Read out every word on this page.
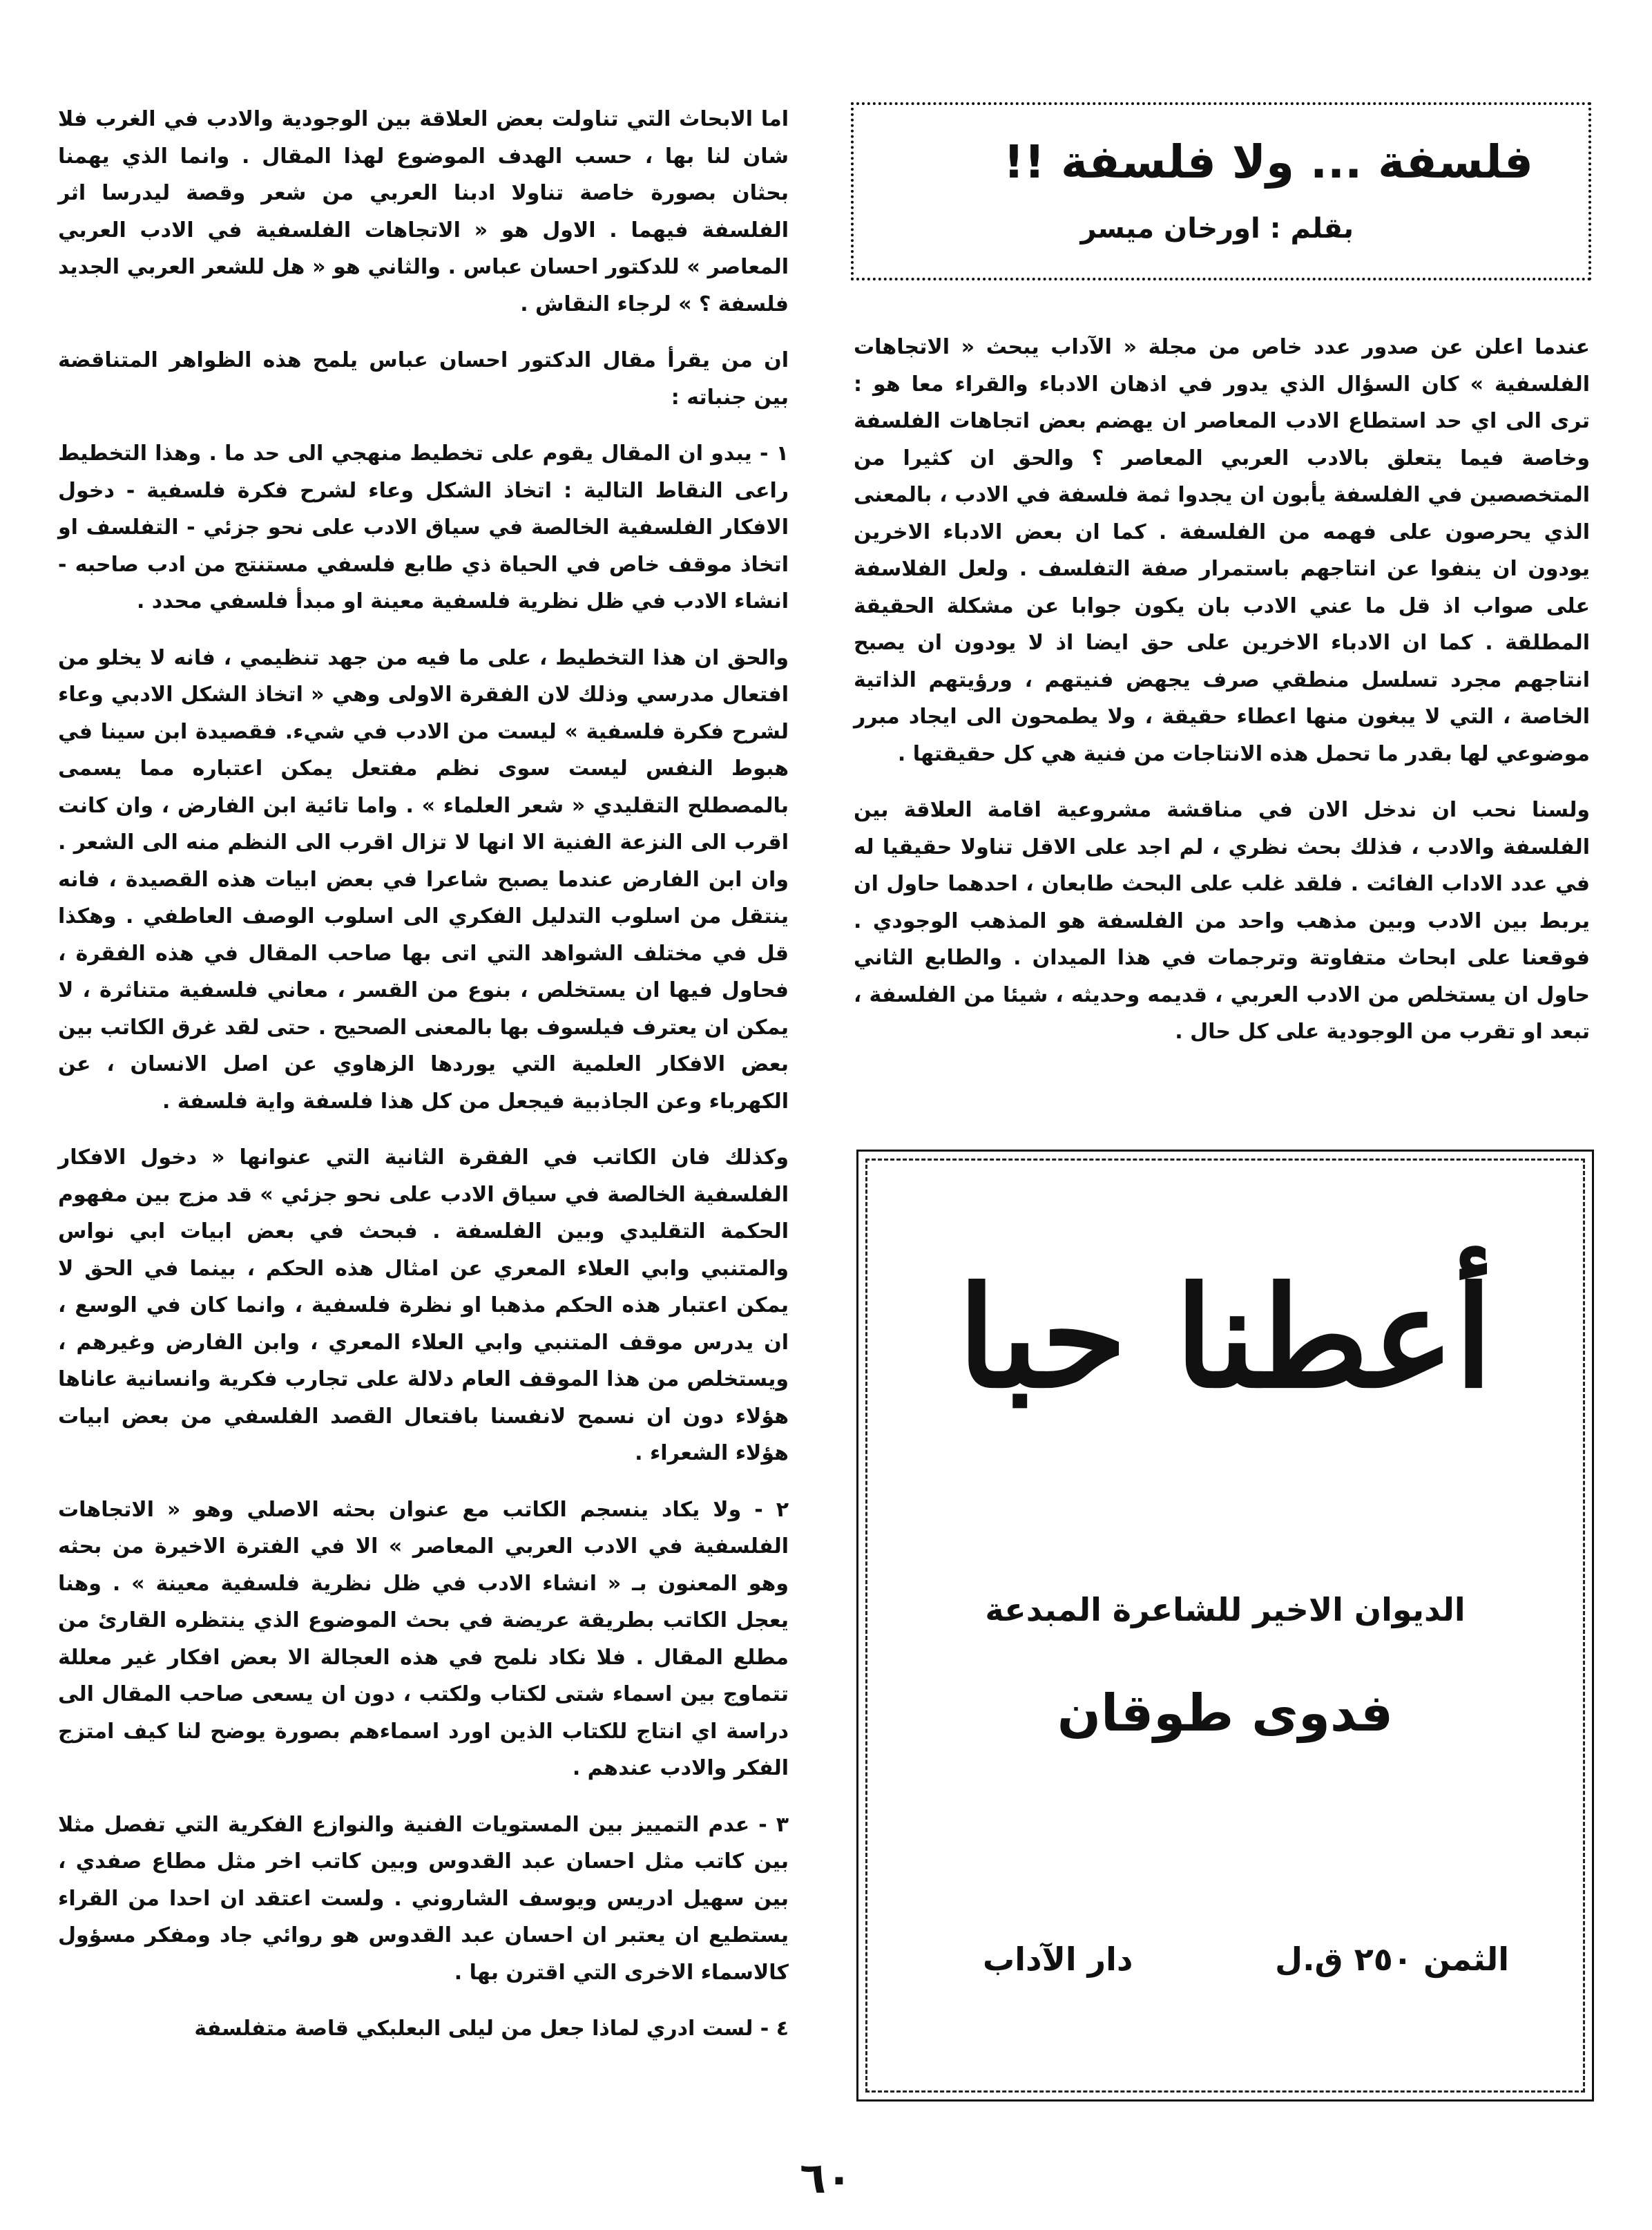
فلسفة ... ولا فلسفة !!
بقلم : اورخان ميسر

عندما اعلن عن صدور عدد خاص من مجلة « الآداب يبحث « الاتجاهات الفلسفية » كان السؤال الذي يدور في اذهان الادباء والقراء معا هو : ترى الى اي حد استطاع الادب المعاصر ان يهضم بعض اتجاهات الفلسفة وخاصة فيما يتعلق بالادب العربي المعاصر ؟ والحق ان كثيرا من المتخصصين في الفلسفة يأبون ان يجدوا ثمة فلسفة في الادب ، بالمعنى الذي يحرصون على فهمه من الفلسفة . كما ان بعض الادباء الاخرين يودون ان ينفوا عن انتاجهم باستمرار صفة التفلسف . ولعل الفلاسفة على صواب اذ قل ما عني الادب بان يكون جوابا عن مشكلة الحقيقة المطلقة . كما ان الادباء الاخرين على حق ايضا اذ لا يودون ان يصبح انتاجهم مجرد تسلسل منطقي صرف يجهض فنيتهم ، ورؤيتهم الذاتية الخاصة ، التي لا يبغون منها اعطاء حقيقة ، ولا يطمحون الى ايجاد مبرر موضوعي لها بقدر ما تحمل هذه الانتاجات من فنية هي كل حقيقتها .

ولسنا نحب ان ندخل الان في مناقشة مشروعية اقامة العلاقة بين الفلسفة والادب ، فذلك بحث نظري ، لم اجد على الاقل تناولا حقيقيا له في عدد الاداب الفائت . فلقد غلب على البحث طابعان ، احدهما حاول ان يربط بين الادب وبين مذهب واحد من الفلسفة هو المذهب الوجودي . فوقعنا على ابحاث متفاوتة وترجمات في هذا الميدان . والطابع الثاني حاول ان يستخلص من الادب العربي ، قديمه وحديثه ، شيئا من الفلسفة ، تبعد او تقرب من الوجودية على كل حال .

أعطنا حبا
الديوان الاخير للشاعرة المبدعة
فدوى طوقان
الثمن ٢٥٠ ق.ل
دار الآداب

اما الابحاث التي تناولت بعض العلاقة بين الوجودية والادب في الغرب فلا شان لنا بها ، حسب الهدف الموضوع لهذا المقال . وانما الذي يهمنا بحثان بصورة خاصة تناولا ادبنا العربي من شعر وقصة ليدرسا اثر الفلسفة فيهما . الاول هو « الاتجاهات الفلسفية في الادب العربي المعاصر » للدكتور احسان عباس . والثاني هو « هل للشعر العربي الجديد فلسفة ؟ » لرجاء النقاش .

ان من يقرأ مقال الدكتور احسان عباس يلمح هذه الظواهر المتناقضة بين جنباته :

١ - يبدو ان المقال يقوم على تخطيط منهجي الى حد ما . وهذا التخطيط راعى النقاط التالية : اتخاذ الشكل وعاء لشرح فكرة فلسفية - دخول الافكار الفلسفية الخالصة في سياق الادب على نحو جزئي - التفلسف او اتخاذ موقف خاص في الحياة ذي طابع فلسفي مستنتج من ادب صاحبه - انشاء الادب في ظل نظرية فلسفية معينة او مبدأ فلسفي محدد .

والحق ان هذا التخطيط ، على ما فيه من جهد تنظيمي ، فانه لا يخلو من افتعال مدرسي وذلك لان الفقرة الاولى وهي « اتخاذ الشكل الادبي وعاء لشرح فكرة فلسفية » ليست من الادب في شيء. فقصيدة ابن سينا في هبوط النفس ليست سوى نظم مفتعل يمكن اعتباره مما يسمى بالمصطلح التقليدي « شعر العلماء » . واما تائية ابن الفارض ، وان كانت اقرب الى النزعة الفنية الا انها لا تزال اقرب الى النظم منه الى الشعر . وان ابن الفارض عندما يصبح شاعرا في بعض ابيات هذه القصيدة ، فانه ينتقل من اسلوب التدليل الفكري الى اسلوب الوصف العاطفي . وهكذا قل في مختلف الشواهد التي اتى بها صاحب المقال في هذه الفقرة ، فحاول فيها ان يستخلص ، بنوع من القسر ، معاني فلسفية متناثرة ، لا يمكن ان يعترف فيلسوف بها بالمعنى الصحيح . حتى لقد غرق الكاتب بين بعض الافكار العلمية التي يوردها الزهاوي عن اصل الانسان ، عن الكهرباء وعن الجاذبية فيجعل من كل هذا فلسفة واية فلسفة .

وكذلك فان الكاتب في الفقرة الثانية التي عنوانها « دخول الافكار الفلسفية الخالصة في سياق الادب على نحو جزئي » قد مزج بين مفهوم الحكمة التقليدي وبين الفلسفة . فبحث في بعض ابيات ابي نواس والمتنبي وابي العلاء المعري عن امثال هذه الحكم ، بينما في الحق لا يمكن اعتبار هذه الحكم مذهبا او نظرة فلسفية ، وانما كان في الوسع ، ان يدرس موقف المتنبي وابي العلاء المعري ، وابن الفارض وغيرهم ، ويستخلص من هذا الموقف العام دلالة على تجارب فكرية وانسانية عاناها هؤلاء دون ان نسمح لانفسنا بافتعال القصد الفلسفي من بعض ابيات هؤلاء الشعراء .

٢ - ولا يكاد ينسجم الكاتب مع عنوان بحثه الاصلي وهو « الاتجاهات الفلسفية في الادب العربي المعاصر » الا في الفترة الاخيرة من بحثه وهو المعنون بـ « انشاء الادب في ظل نظرية فلسفية معينة » . وهنا يعجل الكاتب بطريقة عريضة في بحث الموضوع الذي ينتظره القارئ من مطلع المقال . فلا نكاد نلمح في هذه العجالة الا بعض افكار غير معللة تتماوج بين اسماء شتى لكتاب ولكتب ، دون ان يسعى صاحب المقال الى دراسة اي انتاج للكتاب الذين اورد اسماءهم بصورة يوضح لنا كيف امتزج الفكر والادب عندهم .

٣ - عدم التمييز بين المستويات الفنية والنوازع الفكرية التي تفصل مثلا بين كاتب مثل احسان عبد القدوس وبين كاتب اخر مثل مطاع صفدي ، بين سهيل ادريس ويوسف الشاروني . ولست اعتقد ان احدا من القراء يستطيع ان يعتبر ان احسان عبد القدوس هو روائي جاد ومفكر مسؤول كالاسماء الاخرى التي اقترن بها .

٤ - لست ادري لماذا جعل من ليلى البعلبكي قاصة متفلسفة

٦٠
